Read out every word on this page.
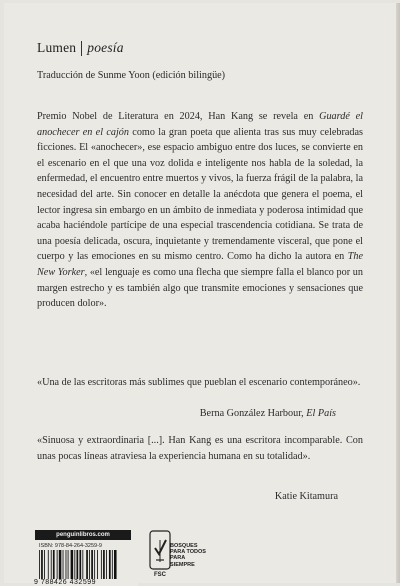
Lumen poesía
Traducción de Sunme Yoon (edición bilingüe)

Premio Nobel de Literatura en 2024, Han Kang se revela en Guardé el anochecer en el cajón como la gran poeta que alienta tras sus muy celebradas ficciones. El «anochecer», ese espacio ambiguo entre dos luces, se convierte en el escenario en el que una voz dolida e inteligente nos habla de la soledad, la enfermedad, el encuentro entre muertos y vivos, la fuerza frágil de la palabra, la necesidad del arte. Sin conocer en detalle la anécdota que genera el poema, el lector ingresa sin embargo en un ámbito de inmediata y poderosa intimidad que acaba haciéndole partícipe de una especial trascendencia cotidiana. Se trata de una poesía delicada, oscura, inquietante y tremendamente visceral, que pone el cuerpo y las emociones en su mismo centro. Como ha dicho la autora en The New Yorker, «el lenguaje es como una flecha que siempre falla el blanco por un margen estrecho y es también algo que transmite emociones y sensaciones que producen dolor».

«Una de las escritoras más sublimes que pueblan el escenario contemporáneo».

Berna González Harbour, El País

«Sinuosa y extraordinaria [...]. Han Kang es una escritora incomparable. Con unas pocas líneas atraviesa la experiencia humana en su totalidad».

Katie Kitamura
penguinlibros.com
ISBN: 978-84-264-3259-9
9 788426 432599
BOSQUES
PARA TODOS
PARA SIEMPRE
FSC
